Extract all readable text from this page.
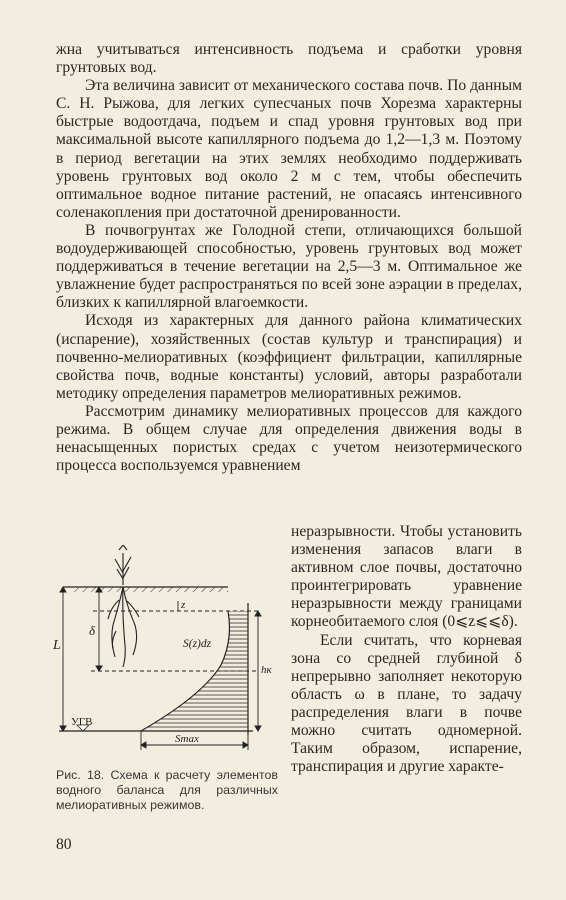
жна учитываться интенсивность подъема и сработки уровня грунтовых вод.

Эта величина зависит от механического состава почв. По данным С. Н. Рыжова, для легких супесчаных почв Хорезма характерны быстрые водоотдача, подъем и спад уровня грунтовых вод при максимальной высоте капиллярного подъема до 1,2—1,3 м. Поэтому в период вегетации на этих землях необходимо поддерживать уровень грунтовых вод около 2 м с тем, чтобы обеспечить оптимальное водное питание растений, не опасаясь интенсивного соленакопления при достаточной дренированности.

В почвогрунтах же Голодной степи, отличающихся большой водоудерживающей способностью, уровень грунтовых вод может поддерживаться в течение вегетации на 2,5—3 м. Оптимальное же увлажнение будет распространяться по всей зоне аэрации в пределах, близких к капиллярной влагоемкости.

Исходя из характерных для данного района климатических (испарение), хозяйственных (состав культур и транспирация) и почвенно-мелиоративных (коэффициент фильтрации, капиллярные свойства почв, водные константы) условий, авторы разработали методику определения параметров мелиоративных режимов.

Рассмотрим динамику мелиоративных процессов для каждого режима. В общем случае для определения движения воды в ненасыщенных пористых средах с учетом неизотермического процесса воспользуемся уравнением

неразрывности. Чтобы установить изменения запасов влаги в активном слое почвы, достаточно проинтегрировать уравнение неразрывности между границами корнеобитаемого слоя (0⩽z⩽⩽δ).

Если считать, что корневая зона со средней глубиной δ непрерывно заполняет некоторую область ω в плане, то задачу распределения влаги в почве можно считать одномерной. Таким образом, испарение, транспирация и другие характе-

L
δ
z
S(z)dz
hк
УГВ
Smax
Рис. 18. Схема к расчету элементов водного баланса для различных мелиоративных режимов.
80
